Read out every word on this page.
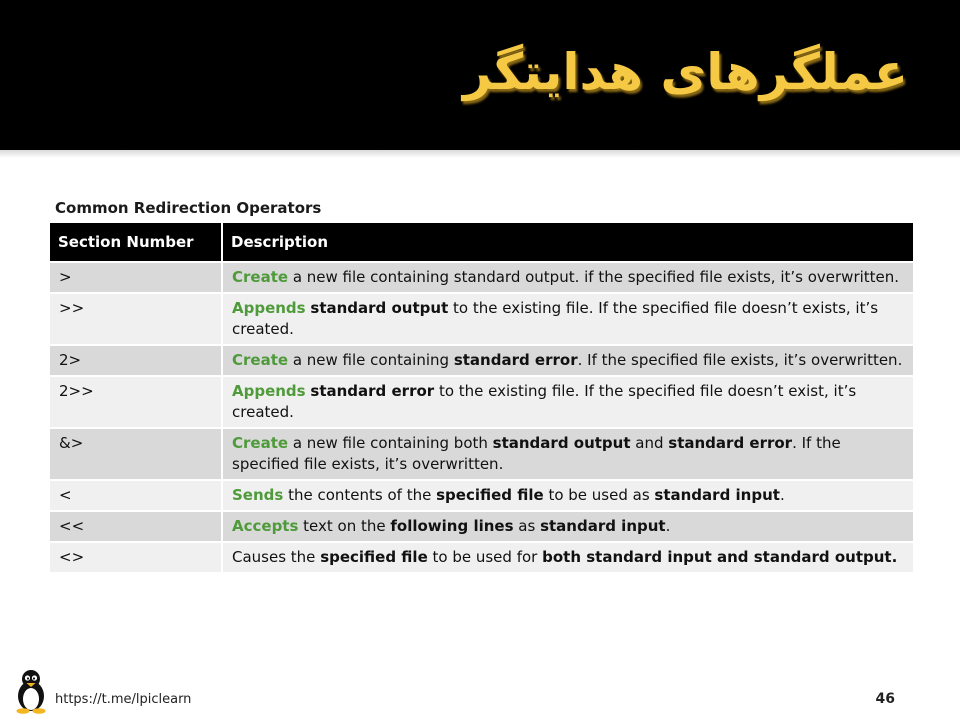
عملگرهای هدایتگر
Common Redirection Operators
Section Number	Description
>	Create a new file containing standard output. if the specified file exists, it’s overwritten.
>>	Appends standard output to the existing file. If the specified file doesn’t exists, it’s created.
2>	Create a new file containing standard error. If the specified file exists, it’s overwritten.
2>>	Appends standard error to the existing file. If the specified file doesn’t exist, it’s created.
&>	Create a new file containing both standard output and standard error. If the specified file exists, it’s overwritten.
<	Sends the contents of the specified file to be used as standard input.
<<	Accepts text on the following lines as standard input.
<>	Causes the specified file to be used for both standard input and standard output.
https://t.me/lpiclearn	46
